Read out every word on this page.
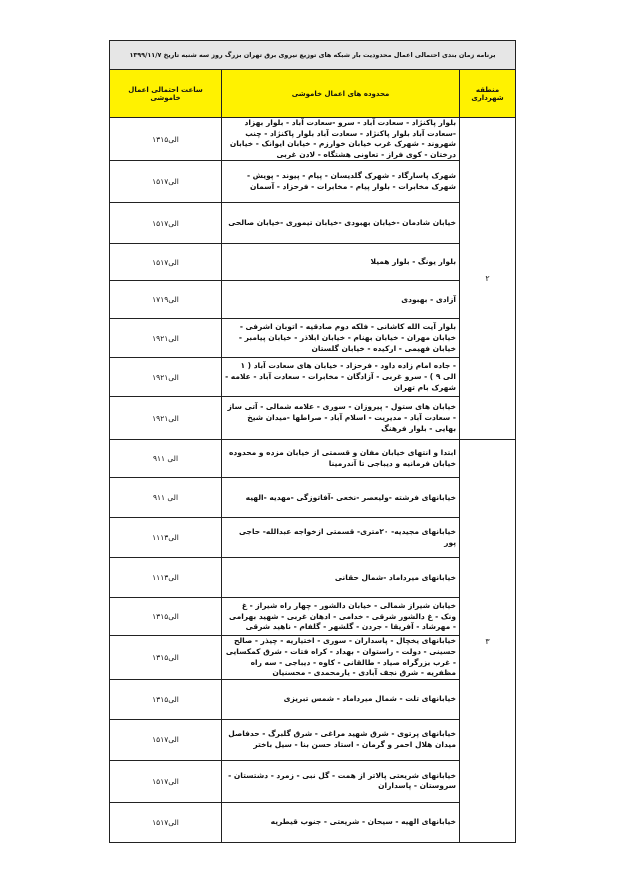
برنامه زمان بندی احتمالی اعمال محدودیت بار شبکه های توزیع نیروی برق تهران بزرگ روز سه شنبه تاریخ ۱۳۹۹/۱۱/۷		
منطقه شهرداری	محدوده های اعمال خاموشی	ساعت احتمالی اعمال خاموشی
۲	بلوار پاکنژاد - سعادت آباد - سرو -سعادت آباد - بلوار بهزاد -سعادت آباد بلوار پاکنژاد - سعادت آباد بلوار پاکنژاد - چنب شهروند - شهرک غرب خیابان خوارزم - خیابان ایوانک - خیابان درختان - کوی فراز - تعاونی هشتگاه - لادن غربی	۱۳الی۱۵
	شهرک پاسارگاد - شهرک گلدیسان - پیام - پیوند - پویش - شهرک مخابرات - بلوار پیام - مخابرات - فرحزاد - آسمان	۱۵الی۱۷
	خیابان شادمان -خیابان بهبودی -خیابان تیموری -خیابان صالحی	۱۵الی۱۷
	بلوار یونگ - بلوار همیلا	۱۵الی۱۷
	آزادی - بهبودی	۱۷الی۱۹
	بلوار آیت الله کاشانی - فلکه دوم صادقیه - اتوبان اشرفی - خیابان مهران - خیابان بهنام - خیابان ابلاذر - خیابان پیامبر - خیابان فهیمی - ارکیده - خیابان گلستان	۱۹الی۲۱
	- جاده امام زاده داود - فرحزاد - خیابان های سعادت آباد ( ۱ الی ۹ ) - سرو غربی - آزادگان - مخابرات - سعادت آباد - علامه - شهرک بام تهران	۱۹الی۲۱
	خیابان های ستول - پیروزان - سوری - علامه شمالی - آتی ساز - سعادت آباد - مدیریت - اسلام آباد - صراطها -میدان شیخ بهایی - بلوار فرهنگ	۱۹الی۲۱
۳	ابتدا و انتهای خیابان مفان و قسمتی از خیابان مزده و محدوده خیابان فرمانیه و دیباجی تا آندرمینا	۹الی ۱۱
	خیابانهای فرشته -ولیعصر -نخعی -آفاتوزگی -مهدیه -الهیه	۹الی ۱۱
	خیابانهای مجیدیه- ۲۰متری- قسمتی ازخواجه عبدالله- حاجی پور	۱۱الی۱۳
	خیابانهای میرداماد -شمال حقانی	۱۱الی۱۳
	خیابان شیراز شمالی - خیابان دالشور - چهار راه شیراز - غ ونک - غ دالشور شرقی - خدامی - ادهان غربی - شهید بهرامی - مهرشاد - آفریقا - جردن - گلشهر - گلفام - ناهید شرقی	۱۳الی۱۵
	خیابانهای یخچال - پاسداران - سوری - اختیاریه - چیذر - صالح حسینی - دولت - راستوان - بهداد - کراه فتات - شرق کمکسایی - غرب بزرگراه صیاد - طالقانی - کاوه - دیباجی - سه راه مظفریه - شرق نجف آبادی - یارمحمدی - محسنیان	۱۳الی۱۵
	خیابانهای تلت - شمال میرداماد - شمس تبریزی	۱۳الی۱۵
	خیابانهای پرتوی - شرق شهید مراغی - شرق گلبرگ - حدفاصل میدان هلال احمر و گرمان - استاد حسن بنا - سیل باختر	۱۵الی۱۷
	خیابانهای شریعتی پالاتر از همت - گل نبی - زمرد - دشتستان - سروستان - پاسداران	۱۵الی۱۷
	خیابانهای الهیه - سیحان - شریعتی - جنوب قیطریه	۱۵الی۱۷
